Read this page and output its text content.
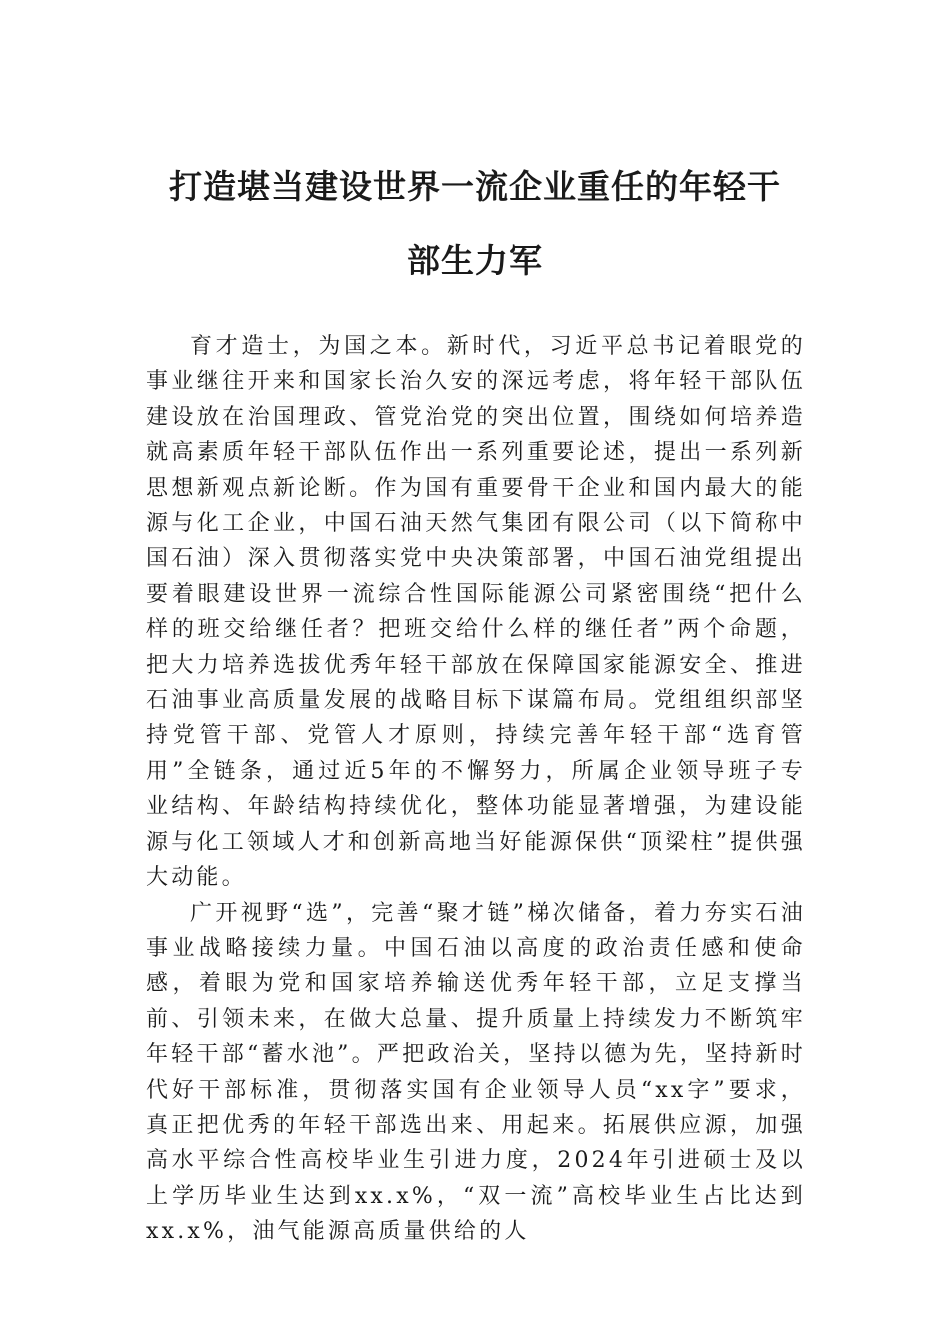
打造堪当建设世界一流企业重任的年轻干
部生力军

育才造士，为国之本。新时代，习近平总书记着眼党的事业继往开来和国家长治久安的深远考虑，将年轻干部队伍建设放在治国理政、管党治党的突出位置，围绕如何培养造就高素质年轻干部队伍作出一系列重要论述，提出一系列新思想新观点新论断。作为国有重要骨干企业和国内最大的能源与化工企业，中国石油天然气集团有限公司（以下简称中国石油）深入贯彻落实党中央决策部署，中国石油党组提出要着眼建设世界一流综合性国际能源公司紧密围绕“把什么样的班交给继任者？把班交给什么样的继任者”两个命题，把大力培养选拔优秀年轻干部放在保障国家能源安全、推进石油事业高质量发展的战略目标下谋篇布局。党组组织部坚持党管干部、党管人才原则，持续完善年轻干部“选育管用”全链条，通过近5年的不懈努力，所属企业领导班子专业结构、年龄结构持续优化，整体功能显著增强，为建设能源与化工领域人才和创新高地当好能源保供“顶梁柱”提供强大动能。

广开视野“选”，完善“聚才链”梯次储备，着力夯实石油事业战略接续力量。中国石油以高度的政治责任感和使命感，着眼为党和国家培养输送优秀年轻干部，立足支撑当前、引领未来，在做大总量、提升质量上持续发力不断筑牢年轻干部“蓄水池”。严把政治关，坚持以德为先，坚持新时代好干部标准，贯彻落实国有企业领导人员“xx字”要求，真正把优秀的年轻干部选出来、用起来。拓展供应源，加强高水平综合性高校毕业生引进力度，2024年引进硕士及以上学历毕业生达到xx.x%，“双一流”高校毕业生占比达到xx.x%，油气能源高质量供给的人
